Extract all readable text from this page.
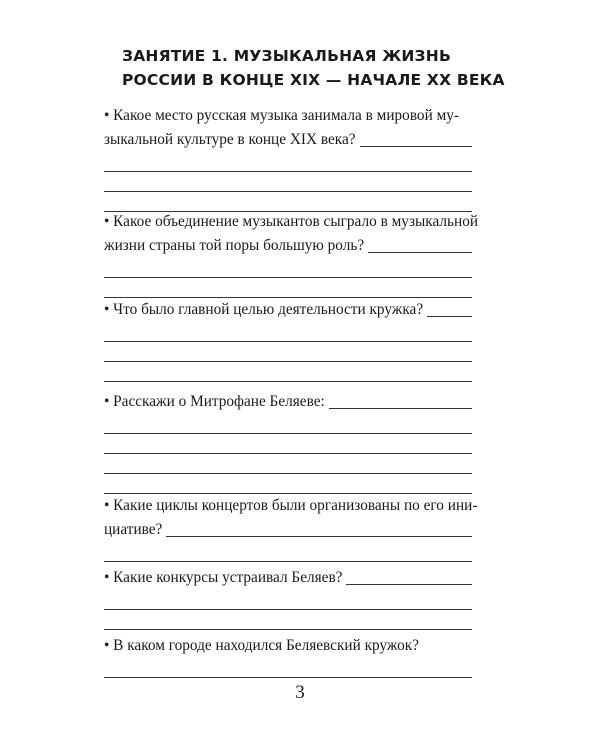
ЗАНЯТИЕ 1. МУЗЫКАЛЬНАЯ ЖИЗНЬ
РОССИИ В КОНЦЕ XIX — НАЧАЛЕ XX ВЕКА
• Какое место русская музыка занимала в мировой му-
зыкальной культуре в конце XIX века?
• Какое объединение музыкантов сыграло в музыкальной
жизни страны той поры большую роль?
• Что было главной целью деятельности кружка?
• Расскажи о Митрофане Беляеве:
• Какие циклы концертов были организованы по его ини-
циативе?
• Какие конкурсы устраивал Беляев?
• В каком городе находился Беляевский кружок?
3
